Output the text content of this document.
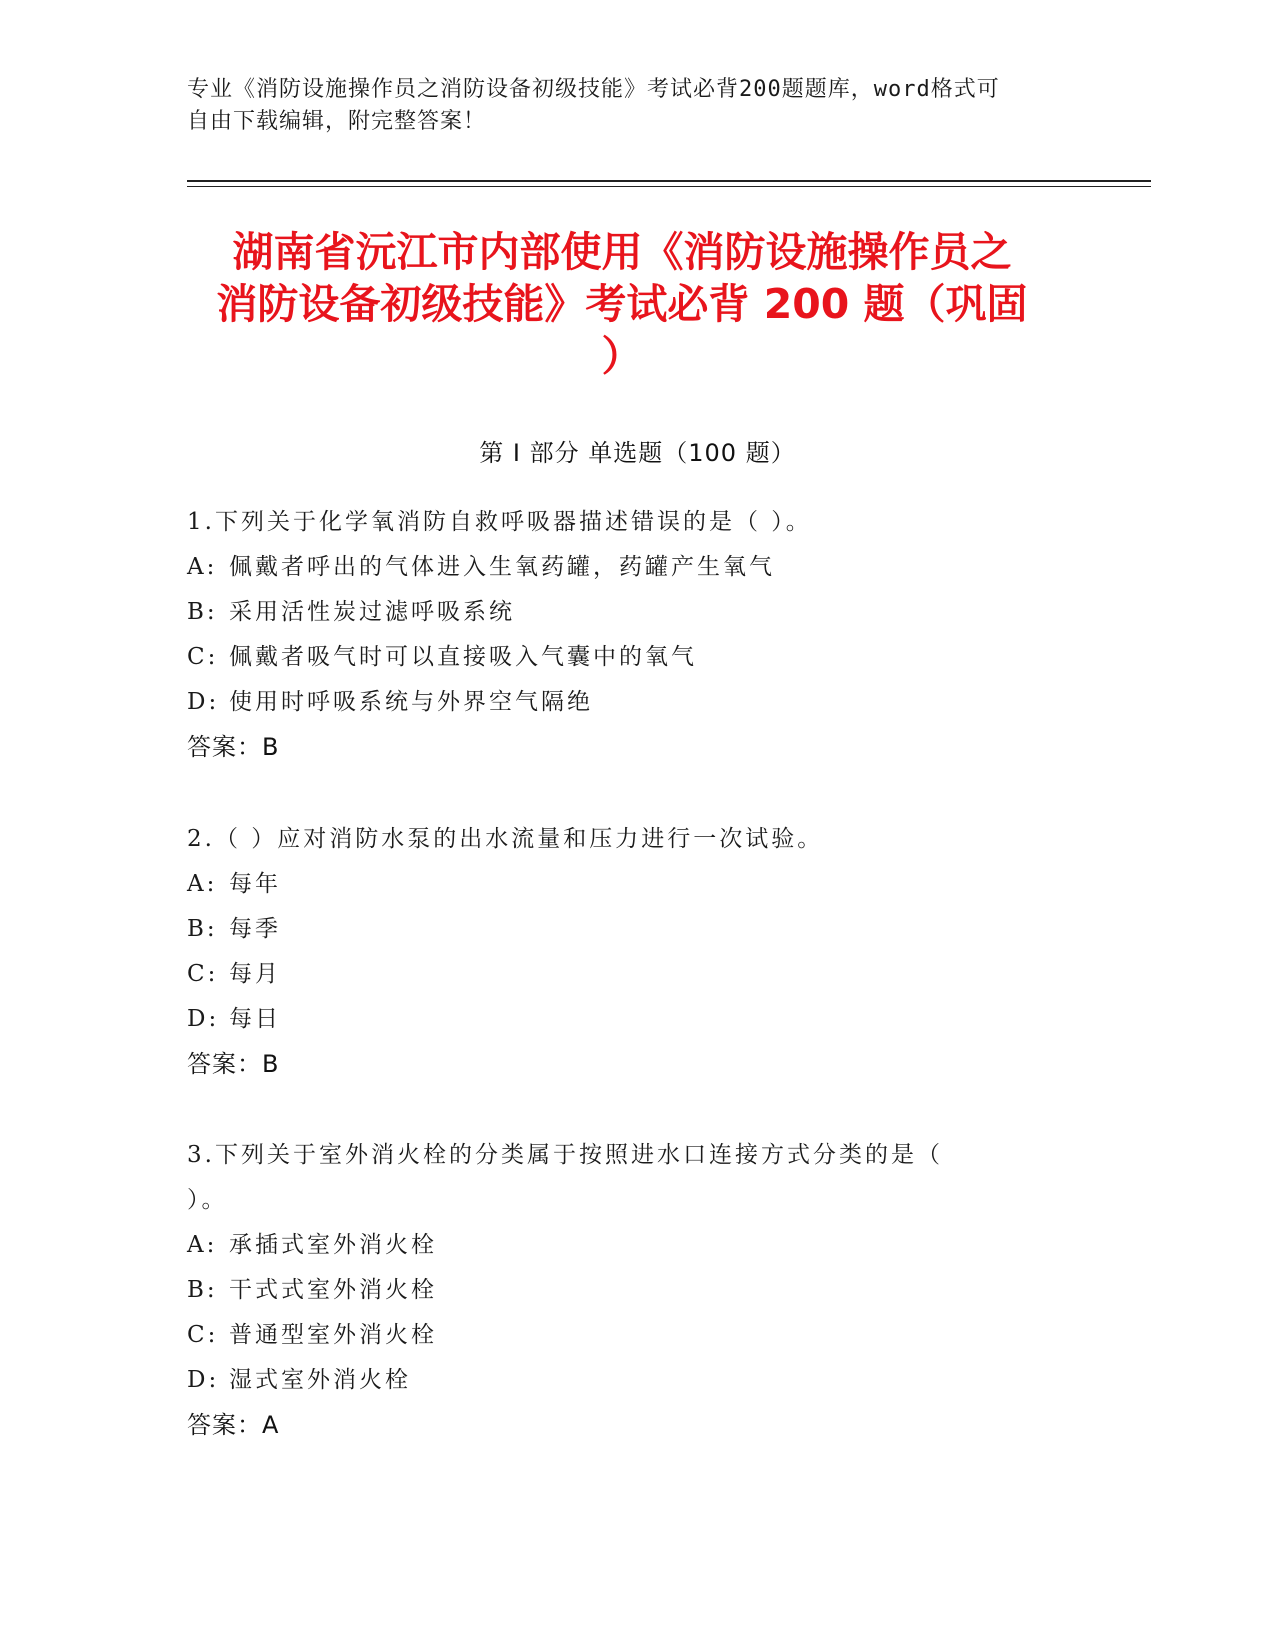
专业《消防设施操作员之消防设备初级技能》考试必背200题题库，word格式可
自由下载编辑，附完整答案！
湖南省沅江市内部使用《消防设施操作员之
消防设备初级技能》考试必背 200 题（巩固
）
第 I 部分 单选题（100 题）
1.下列关于化学氧消防自救呼吸器描述错误的是（ ）。
A: 佩戴者呼出的气体进入生氧药罐，药罐产生氧气
B: 采用活性炭过滤呼吸系统
C: 佩戴者吸气时可以直接吸入气囊中的氧气
D: 使用时呼吸系统与外界空气隔绝
答案：B
2.（ ）应对消防水泵的出水流量和压力进行一次试验。
A: 每年
B: 每季
C: 每月
D: 每日
答案：B
3.下列关于室外消火栓的分类属于按照进水口连接方式分类的是（
）。
A: 承插式室外消火栓
B: 干式式室外消火栓
C: 普通型室外消火栓
D: 湿式室外消火栓
答案：A
